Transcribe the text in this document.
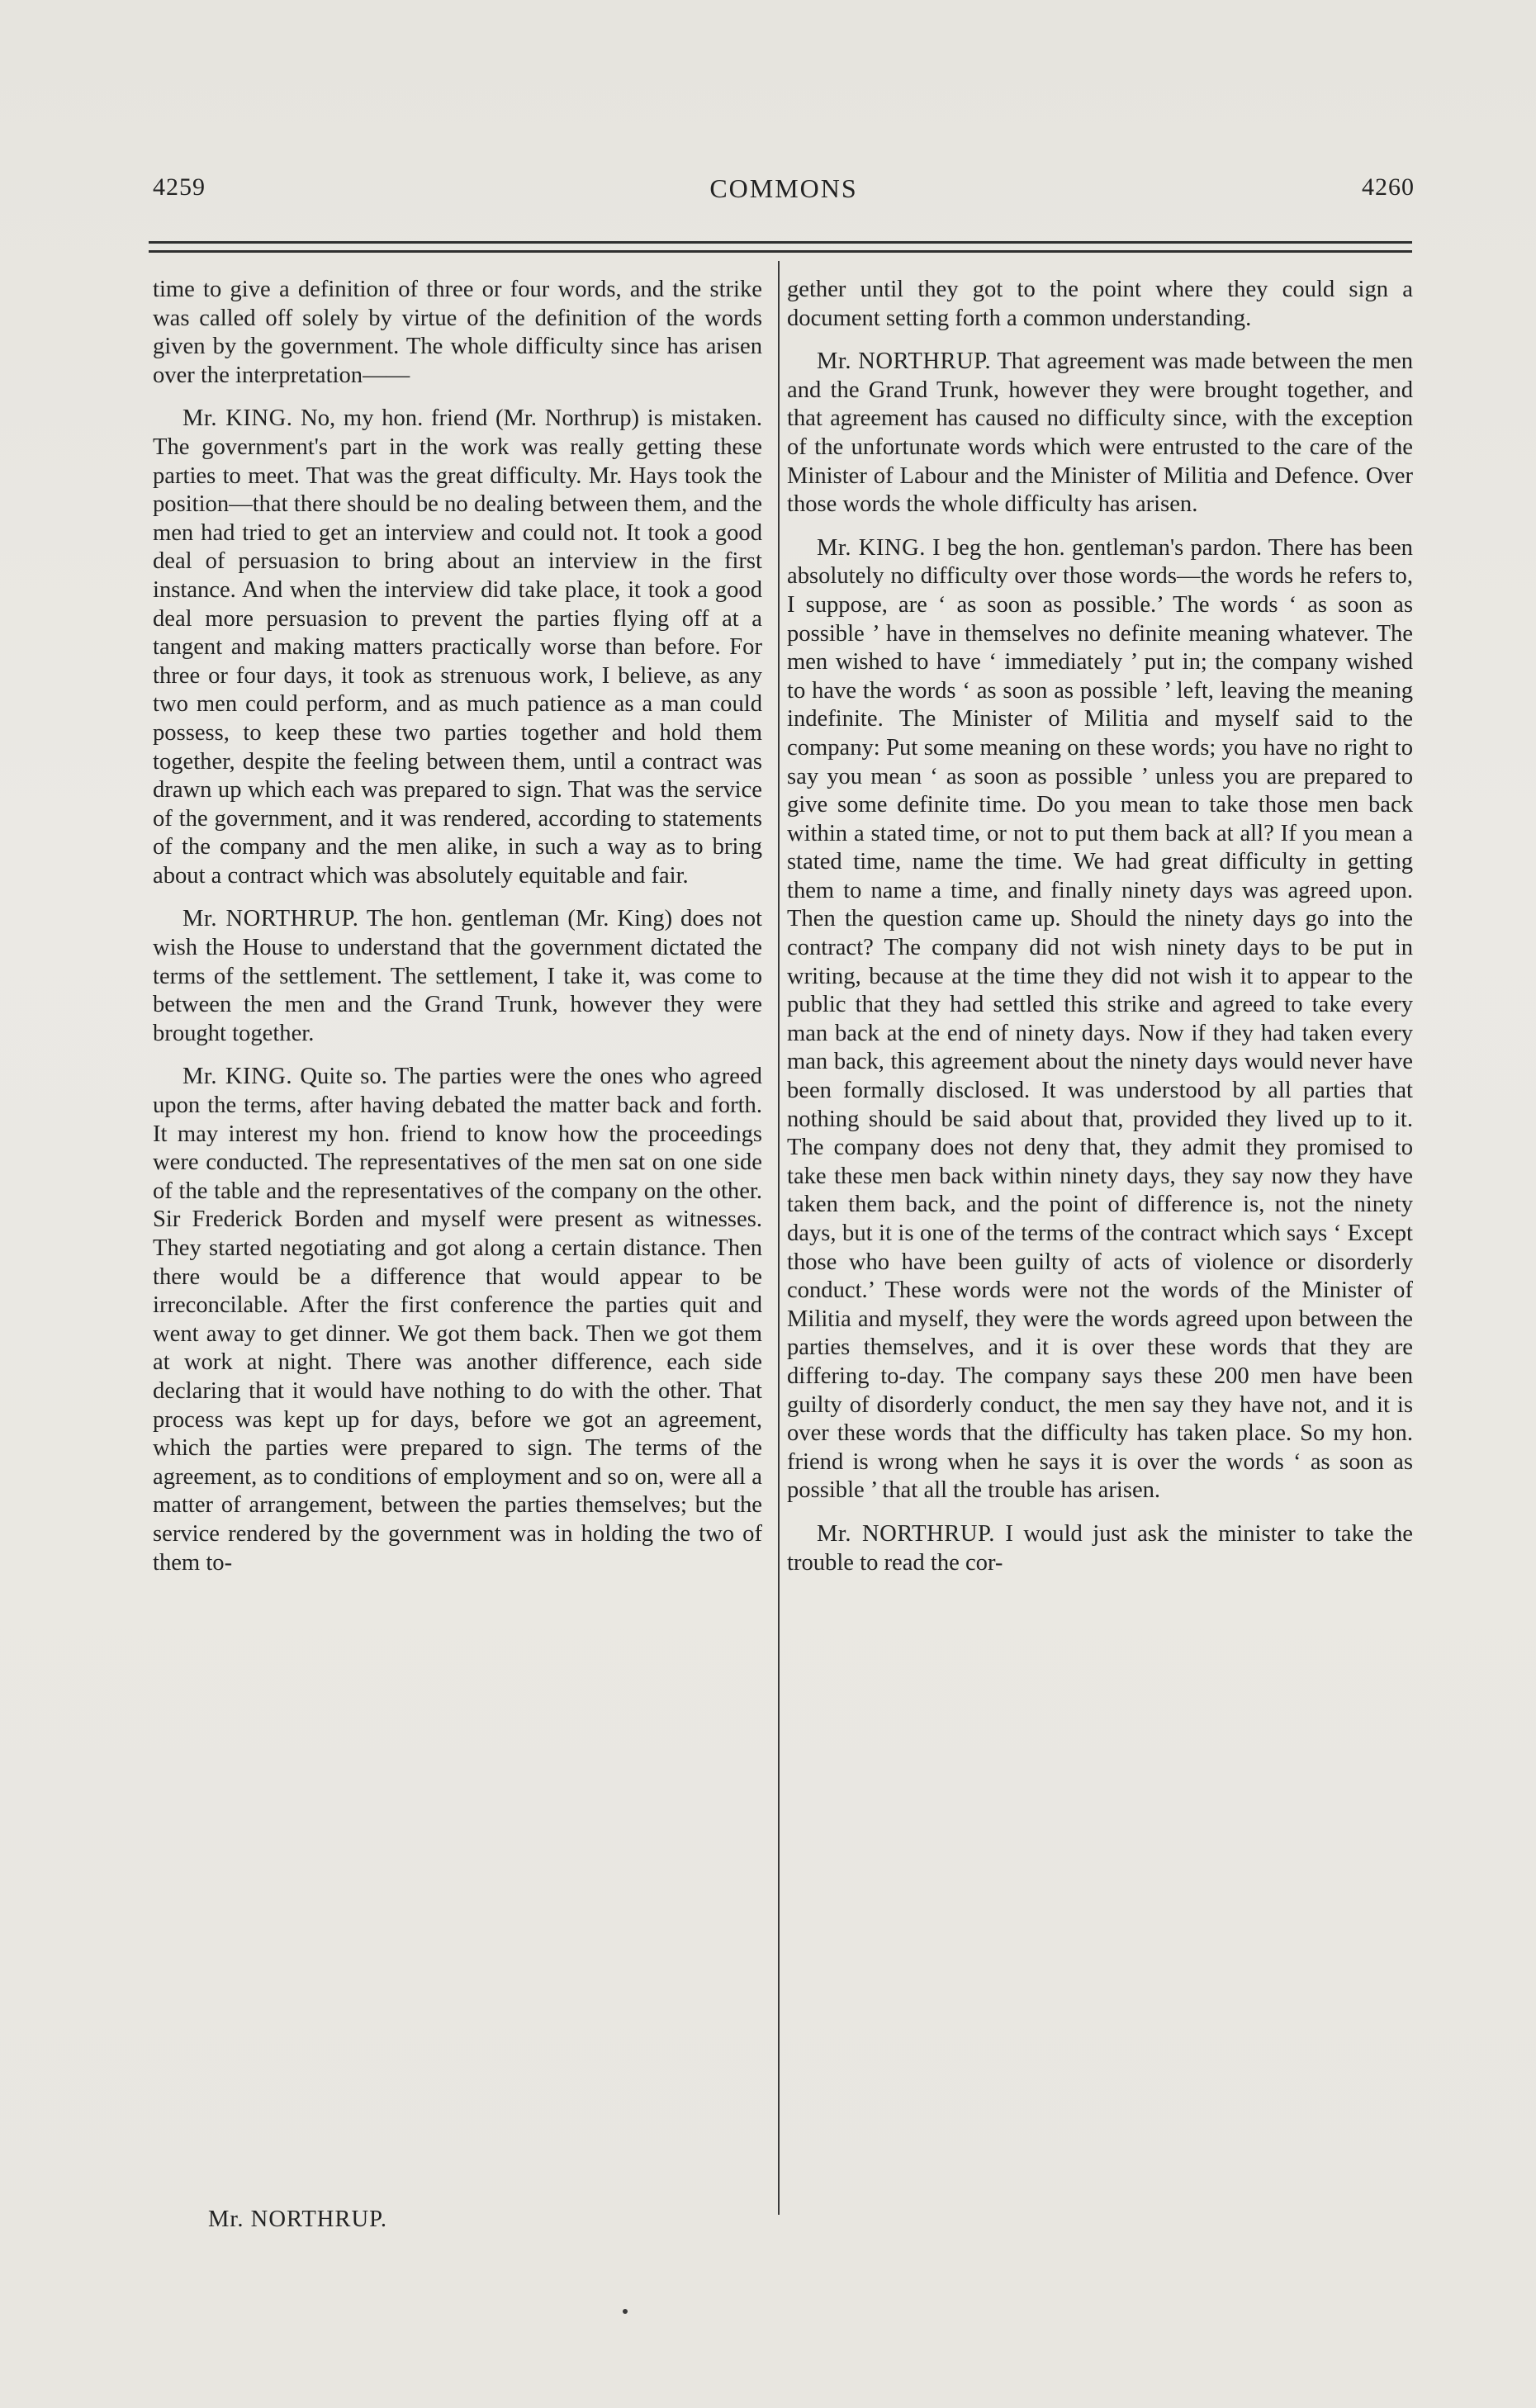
4259	COMMONS	4260

time to give a definition of three or four words, and the strike was called off solely by virtue of the definition of the words given by the government. The whole difficulty since has arisen over the interpretation——

Mr. KING. No, my hon. friend (Mr. Northrup) is mistaken. The government's part in the work was really getting these parties to meet. That was the great difficulty. Mr. Hays took the position—that there should be no dealing between them, and the men had tried to get an interview and could not. It took a good deal of persuasion to bring about an interview in the first instance. And when the interview did take place, it took a good deal more persuasion to prevent the parties flying off at a tangent and making matters practically worse than before. For three or four days, it took as strenuous work, I believe, as any two men could perform, and as much patience as a man could possess, to keep these two parties together and hold them together, despite the feeling between them, until a contract was drawn up which each was prepared to sign. That was the service of the government, and it was rendered, according to statements of the company and the men alike, in such a way as to bring about a contract which was absolutely equitable and fair.

Mr. NORTHRUP. The hon. gentleman (Mr. King) does not wish the House to understand that the government dictated the terms of the settlement. The settlement, I take it, was come to between the men and the Grand Trunk, however they were brought together.

Mr. KING. Quite so. The parties were the ones who agreed upon the terms, after having debated the matter back and forth. It may interest my hon. friend to know how the proceedings were conducted. The representatives of the men sat on one side of the table and the representatives of the company on the other. Sir Frederick Borden and myself were present as witnesses. They started negotiating and got along a certain distance. Then there would be a difference that would appear to be irreconcilable. After the first conference the parties quit and went away to get dinner. We got them back. Then we got them at work at night. There was another difference, each side declaring that it would have nothing to do with the other. That process was kept up for days, before we got an agreement, which the parties were prepared to sign. The terms of the agreement, as to conditions of employment and so on, were all a matter of arrangement, between the parties themselves; but the service rendered by the government was in holding the two of them to-

gether until they got to the point where they could sign a document setting forth a common understanding.

Mr. NORTHRUP. That agreement was made between the men and the Grand Trunk, however they were brought together, and that agreement has caused no difficulty since, with the exception of the unfortunate words which were entrusted to the care of the Minister of Labour and the Minister of Militia and Defence. Over those words the whole difficulty has arisen.

Mr. KING. I beg the hon. gentleman's pardon. There has been absolutely no difficulty over those words—the words he refers to, I suppose, are ‘ as soon as possible.’ The words ‘ as soon as possible ’ have in themselves no definite meaning whatever. The men wished to have ‘ immediately ’ put in; the company wished to have the words ‘ as soon as possible ’ left, leaving the meaning indefinite. The Minister of Militia and myself said to the company: Put some meaning on these words; you have no right to say you mean ‘ as soon as possible ’ unless you are prepared to give some definite time. Do you mean to take those men back within a stated time, or not to put them back at all? If you mean a stated time, name the time. We had great difficulty in getting them to name a time, and finally ninety days was agreed upon. Then the question came up. Should the ninety days go into the contract? The company did not wish ninety days to be put in writing, because at the time they did not wish it to appear to the public that they had settled this strike and agreed to take every man back at the end of ninety days. Now if they had taken every man back, this agreement about the ninety days would never have been formally disclosed. It was understood by all parties that nothing should be said about that, provided they lived up to it. The company does not deny that, they admit they promised to take these men back within ninety days, they say now they have taken them back, and the point of difference is, not the ninety days, but it is one of the terms of the contract which says ‘ Except those who have been guilty of acts of violence or disorderly conduct.’ These words were not the words of the Minister of Militia and myself, they were the words agreed upon between the parties themselves, and it is over these words that they are differing to-day. The company says these 200 men have been guilty of disorderly conduct, the men say they have not, and it is over these words that the difficulty has taken place. So my hon. friend is wrong when he says it is over the words ‘ as soon as possible ’ that all the trouble has arisen.

Mr. NORTHRUP. I would just ask the minister to take the trouble to read the cor-

Mr. NORTHRUP.
